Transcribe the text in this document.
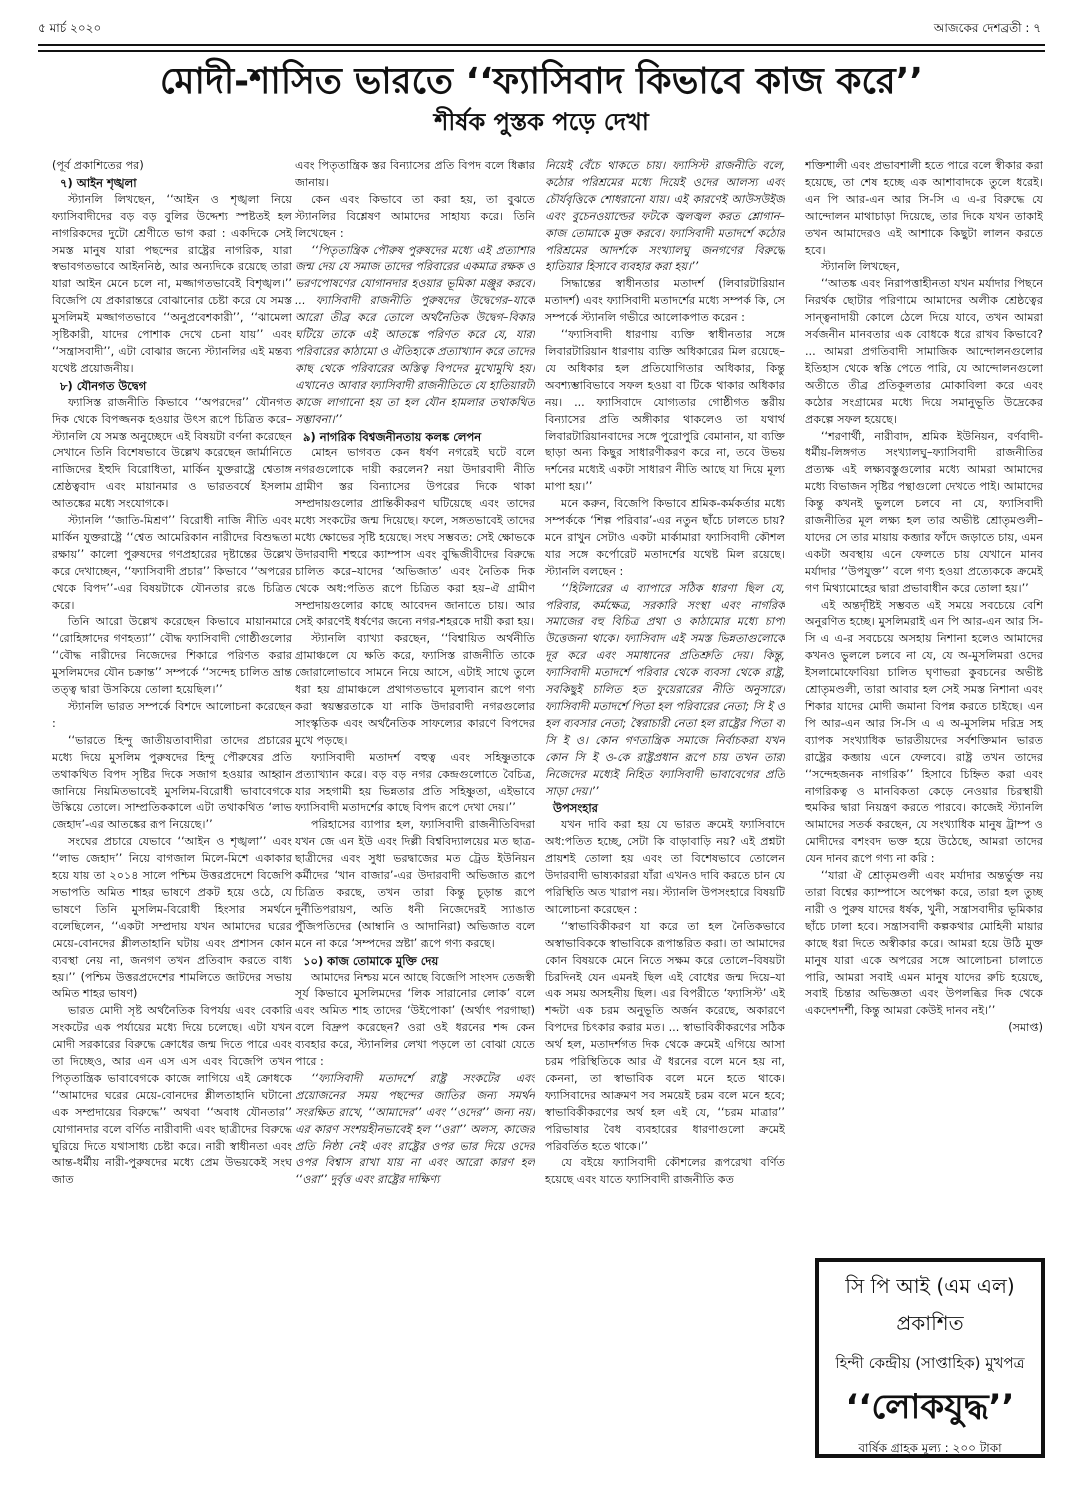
৫ মার্চ ২০২০	আজকের দেশব্রতী : ৭
মোদী-শাসিত ভারতে ‘‘ফ্যাসিবাদ কিভাবে কাজ করে’’
শীর্ষক পুস্তক পড়ে দেখা

(পূর্ব প্রকাশিতের পর)

৭) আইন শৃঙ্খলা

স্ট্যানলি লিখছেন, ‘‘আইন ও শৃঙ্খলা নিয়ে ফ্যাসিবাদীদের বড় বড় বুলির উদ্দেশ্য স্পষ্টতই হল নাগরিকদের দুটো শ্রেণীতে ভাগ করা : একদিকে সেই সমস্ত মানুষ যারা পছন্দের রাষ্ট্রের নাগরিক, যারা স্বভাবগতভাবে আইননিষ্ঠ, আর অন্যদিকে রয়েছে তারা যারা আইন মেনে চলে না, মজ্জাগতভাবেই বিশৃঙ্খল।’’ বিজেপি যে প্রকারান্তরে বোঝানোর চেষ্টা করে যে সমস্ত মুসলিমই মজ্জাগতভাবে ‘‘অনুপ্রবেশকারী’’, ‘‘ঝামেলা সৃষ্টিকারী, যাদের পোশাক দেখে চেনা যায়’’ এবং ‘‘সন্ত্রাসবাদী’’, এটা বোঝার জন্যে স্ট্যানলির এই মন্তব্য যথেষ্ট প্রয়োজনীয়।

৮) যৌনগত উদ্বেগ

ফ্যাসিস্ত রাজনীতি কিভাবে ‘‘অপরদের’’ যৌনগত দিক থেকে বিপজ্জনক হওয়ার উৎস রূপে চিত্রিত করে–স্ট্যানলি যে সমস্ত অনুচ্ছেদে এই বিষয়টা বর্ণনা করেছেন সেখানে তিনি বিশেষভাবে উল্লেখ করেছেন জার্মানিতে নাজিদের ইহুদি বিরোধিতা, মার্কিন যুক্তরাষ্ট্রে শ্বেতাঙ্গ শ্রেষ্ঠত্ববাদ এবং মায়ানমার ও ভারতবর্ষে ইসলাম আতঙ্কের মধ্যে সংযোগকে।

স্ট্যানলি ‘‘জাতি-মিশ্রণ’’ বিরোধী নাজি নীতি এবং মার্কিন যুক্তরাষ্ট্রে ‘‘শ্বেত আমেরিকান নারীদের বিশুদ্ধতা রক্ষায়’’ কালো পুরুষদের গণপ্রহারের দৃষ্টান্তের উল্লেখ করে দেখাচ্ছেন, ‘‘ফ্যাসিবাদী প্রচার’’ কিভাবে ‘‘অপরের থেকে বিপদ’’-এর বিষয়টাকে যৌনতার রঙে চিত্রিত করে।

তিনি আরো উল্লেখ করেছেন কিভাবে মায়ানমারে ‘‘রোহিঙ্গাদের গণহত্যা’’ বৌদ্ধ ফ্যাসিবাদী গোষ্ঠীগুলোর ‘‘বৌদ্ধ নারীদের নিজেদের শিকারে পরিণত করার মুসলিমদের যৌন চক্রান্ত’’ সম্পর্কে ‘‘সন্দেহ চালিত ভ্রান্ত তত্ত্ব দ্বারা উসকিয়ে তোলা হয়েছিল।’’

স্ট্যানলি ভারত সম্পর্কে বিশদে আলোচনা করেছেন :

‘‘ভারতে হিন্দু জাতীয়তাবাদীরা তাদের প্রচারের মধ্যে দিয়ে মুসলিম পুরুষদের হিন্দু পৌরুষের প্রতি তথাকথিত বিপদ সৃষ্টির দিকে সজাগ হওয়ার আহ্বান জানিয়ে নিয়মিতভাবেই মুসলিম-বিরোধী ভাবাবেগকে উস্কিয়ে তোলে। সাম্প্রতিককালে এটা তথাকথিত ‘লাভ জেহাদ’-এর আতঙ্কের রূপ নিয়েছে।’’

সংঘের প্রচারে যেভাবে ‘‘আইন ও শৃঙ্খলা’’ এবং ‘‘লাভ জেহাদ’’ নিয়ে বাগজাল মিলে-মিশে একাকার হয়ে যায় তা ২০১৪ সালে পশ্চিম উত্তরপ্রদেশে বিজেপি সভাপতি অমিত শাহর ভাষণে প্রকট হয়ে ওঠে, যে ভাষণে তিনি মুসলিম-বিরোধী হিংসার সমর্থনে বলেছিলেন, ‘‘একটা সম্প্রদায় যখন আমাদের ঘরের মেয়ে-বোনদের শ্লীলতাহানি ঘটায় এবং প্রশাসন কোন ব্যবস্থা নেয় না, জনগণ তখন প্রতিবাদ করতে বাধ্য হয়।’’ (পশ্চিম উত্তরপ্রদেশের শামলিতে জাটদের সভায় অমিত শাহর ভাষণ)

ভারত মোদী সৃষ্ট অর্থনৈতিক বিপর্যয় এবং বেকারি সংকটের এক পর্যায়ের মধ্যে দিয়ে চলেছে। এটা যখন মোদী সরকারের বিরুদ্ধে ক্রোধের জন্ম দিতে পারে এবং তা দিচ্ছেও, আর এন এস এস এবং বিজেপি তখন পিতৃতান্ত্রিক ভাবাবেগকে কাজে লাগিয়ে এই ক্রোধকে ‘‘আমাদের ঘরের মেয়ে-বোনদের শ্লীলতাহানি ঘটানো এক সম্প্রদায়ের বিরুদ্ধে’’ অথবা ‘‘অবাধ যৌনতার’’ যোগানদার বলে বর্ণিত নারীবাদী এবং ছাত্রীদের বিরুদ্ধে ঘুরিয়ে দিতে যথাসাধ্য চেষ্টা করে। নারী স্বাধীনতা এবং আন্ত-ধর্মীয় নারী-পুরুষদের মধ্যে প্রেম উভয়কেই সংঘ জাত

এবং পিতৃতান্ত্রিক স্তর বিন্যাসের প্রতি বিপদ বলে ধিক্কার জানায়।

কেন এবং কিভাবে তা করা হয়, তা বুঝতে স্ট্যানলির বিশ্লেষণ আমাদের সাহায্য করে। তিনি লিখেছেন :

‘‘পিতৃতান্ত্রিক পৌরুষ পুরুষদের মধ্যে এই প্রত্যাশার জন্ম দেয় যে সমাজ তাদের পরিবারের একমাত্র রক্ষক ও ভরণপোষণের যোগানদার হওয়ার ভূমিকা মঞ্জুর করবে। ... ফ্যাসিবাদী রাজনীতি পুরুষদের উদ্বেগের–যাকে আরো তীব্র করে তোলে অর্থনৈতিক উদ্বেগ–বিকার ঘটিয়ে তাকে এই আতঙ্কে পরিণত করে যে, যারা পরিবারের কাঠামো ও ঐতিহ্যকে প্রত্যাখ্যান করে তাদের কাছ থেকে পরিবারের অস্তিত্ব বিপদের মুখোমুখি হয়। এখানেও আবার ফ্যাসিবাদী রাজনীতিতে যে হাতিয়ারটা কাজে লাগানো হয় তা হল যৌন হামলার তথাকথিত সম্ভাবনা।’’

৯) নাগরিক বিশ্বজনীনতায় কলঙ্ক লেপন

মোহন ভাগবত কেন ধর্ষণ নগরেই ঘটে বলে নগরগুলোকে দায়ী করলেন? নয়া উদারবাদী নীতি গ্রামীণ স্তর বিন্যাসের উপরের দিকে থাকা সম্প্রদায়গুলোর প্রান্তিকীকরণ ঘটিয়েছে এবং তাদের মধ্যে সংকটের জন্ম দিয়েছে। ফলে, সঙ্গতভাবেই তাদের মধ্যে ক্ষোভের সৃষ্টি হয়েছে। সংঘ সম্ভবত: সেই ক্ষোভকে উদারবাদী শহুরে ক্যাম্পাস এবং বুদ্ধিজীবীদের বিরুদ্ধে চালিত করে–যাদের ‘অভিজাত’ এবং নৈতিক দিক থেকে অধ:পতিত রূপে চিত্রিত করা হয়–ঐ গ্রামীণ সম্প্রদায়গুলোর কাছে আবেদন জানাতে চায়। আর সেই কারণেই ধর্ষণের জন্যে নগর-শহরকে দায়ী করা হয়।

স্ট্যানলি ব্যাখ্যা করছেন, ‘‘বিশ্বায়িত অর্থনীতি গ্রামাঞ্চলে যে ক্ষতি করে, ফ্যাসিস্ত রাজনীতি তাকে জোরালোভাবে সামনে নিয়ে আসে, এটাই সাথে তুলে ধরা হয় গ্রামাঞ্চলে প্রথাগতভাবে মূল্যবান রূপে গণ্য করা স্বয়ম্ভরতাকে যা নাকি উদারবাদী নগরগুলোর সাংস্কৃতিক এবং অর্থনৈতিক সাফল্যের কারণে বিপদের মুখে পড়ছে।

ফ্যাসিবাদী মতাদর্শ বহুত্ব এবং সহিষ্ণুতাকে প্রত্যাখ্যান করে। বড় বড় নগর কেন্দ্রগুলোতে বৈচিত্র, যার সহগামী হয় ভিন্নতার প্রতি সহিষ্ণুতা, এইভাবে ফ্যাসিবাদী মতাদর্শের কাছে বিপদ রূপে দেখা দেয়।’’

পরিহাসের ব্যাপার হল, ফ্যাসিবাদী রাজনীতিবিদরা যখন জে এন ইউ এবং দিল্লী বিশ্ববিদ্যালয়ের মত ছাত্র-ছাত্রীদের এবং সুধা ভরদ্বাজের মত ট্রেড ইউনিয়ন কর্মীদের ‘খান বাজার’-এর উদারবাদী অভিজাত রূপে চিত্রিত করছে, তখন তারা কিন্তু চূড়ান্ত রূপে দুর্নীতিপরায়ণ, অতি ধনী নিজেদেরই স্যাঙাত পুঁজিপতিদের (আম্বানি ও আদানিরা) অভিজাত বলে মনে না করে ‘সম্পদের স্রষ্টা’ রূপে গণ্য করছে।

১০) কাজ তোমাকে মুক্তি দেয়

আমাদের নিশ্চয় মনে আছে বিজেপি সাংসদ তেজস্বী সূর্য কিভাবে মুসলিমদের ‘লিক সারানোর লোক’ বলে এবং অমিত শাহ তাদের ‘উইপোকা’ (অর্থাৎ পরগাছা) বলে বিদ্রুপ করেছেন? ওরা ওই ধরনের শব্দ কেন ব্যবহার করে, স্ট্যানলির লেখা পড়লে তা বোঝা যেতে পারে :

‘‘ফ্যাসিবাদী মতাদর্শে রাষ্ট্র সংকটের এবং প্রয়োজনের সময় পছন্দের জাতির জন্য সমর্থন সংরক্ষিত রাখে, ‘‘আমাদের’’ এবং ‘‘ওদের’’ জন্য নয়। এর কারণ সংশয়হীনভাবেই হল ‘‘ওরা’’ অলস, কাজের প্রতি নিষ্ঠা নেই এবং রাষ্ট্রের ওপর ভার দিয়ে ওদের ওপর বিশ্বাস রাখা যায় না এবং আরো কারণ হল ‘‘ওরা’’ দুর্বৃত্ত এবং রাষ্ট্রের দাক্ষিণ্য

নিয়েই বেঁচে থাকতে চায়। ফ্যাসিস্ট রাজনীতি বলে, কঠোর পরিশ্রমের মধ্যে দিয়েই ওদের আলস্য এবং চৌর্যবৃত্তিকে শোধরানো যায়। এই কারণেই আউসউইজ এবং বুচেনওয়াল্ডের ফটকে জ্বলজ্বল করত শ্লোগান–কাজ তোমাকে মুক্ত করবে। ফ্যাসিবাদী মতাদর্শে কঠোর পরিশ্রমের আদর্শকে সংখ্যালঘু জনগণের বিরুদ্ধে হাতিয়ার হিসাবে ব্যবহার করা হয়।’’

সিদ্ধান্তের স্বাধীনতার মতাদর্শ (লিবারটারিয়ান মতাদর্শ) এবং ফ্যাসিবাদী মতাদর্শের মধ্যে সম্পর্ক কি, সে সম্পর্কে স্ট্যানলি গভীরে আলোকপাত করেন :

‘‘ফ্যাসিবাদী ধারণায় ব্যক্তি স্বাধীনতার সঙ্গে লিবারটারিয়ান ধারণায় ব্যক্তি অধিকারের মিল রয়েছে–যে অধিকার হল প্রতিযোগিতার অধিকার, কিন্তু অবশ্যম্ভাবিভাবে সফল হওয়া বা টিকে থাকার অধিকার নয়। ... ফ্যাসিবাদে যোগ্যতার গোষ্ঠীগত স্তরীয় বিন্যাসের প্রতি অঙ্গীকার থাকলেও তা যথার্থ লিবারটারিয়ানবাদের সঙ্গে পুরোপুরি বেমানান, যা ব্যক্তি ছাড়া অন্য কিছুর সাধারণীকরণ করে না, তবে উভয় দর্শনের মধ্যেই একটা সাধারণ নীতি আছে যা দিয়ে মূল্য মাপা হয়।’’

মনে করুন, বিজেপি কিভাবে শ্রমিক-কর্মকর্তার মধ্যে সম্পর্ককে ‘শিল্প পরিবার’-এর নতুন ছাঁচে ঢালতে চায়? মনে রাখুন সেটাও একটা মার্কামারা ফ্যাসিবাদী কৌশল যার সঙ্গে কর্পোরেট মতাদর্শের যথেষ্ট মিল রয়েছে। স্ট্যানলি বলছেন :

‘‘হিটলারের এ ব্যাপারে সঠিক ধারণা ছিল যে, পরিবার, কর্মক্ষেত্র, সরকারি সংস্থা এবং নাগরিক সমাজের বহু বিচিত্র প্রথা ও কাঠামোর মধ্যে চাপা উত্তেজনা থাকে। ফ্যাসিবাদ এই সমস্ত ভিন্নতাগুলোকে দূর করে এবং সমাধানের প্রতিশ্রুতি দেয়। কিন্তু, ফ্যাসিবাদী মতাদর্শে পরিবার থেকে ব্যবসা থেকে রাষ্ট্র, সবকিছুই চালিত হত ফুয়েরারের নীতি অনুসারে। ফ্যাসিবাদী মতাদর্শে পিতা হল পরিবারের নেতা; সি ই ও হল ব্যবসার নেতা; স্বৈরাচারী নেতা হল রাষ্ট্রের পিতা বা সি ই ও। কোন গণতান্ত্রিক সমাজে নির্বাচকরা যখন কোন সি ই ও-কে রাষ্ট্রপ্রধান রূপে চায় তখন তারা নিজেদের মধ্যেই নিহিত ফ্যাসিবাদী ভাবাবেগের প্রতি সাড়া দেয়।’’

উপসংহার

যখন দাবি করা হয় যে ভারত ক্রমেই ফ্যাসিবাদে অধ:পতিত হচ্ছে, সেটা কি বাড়াবাড়ি নয়? এই প্রশ্নটা প্রায়শই তোলা হয় এবং তা বিশেষভাবে তোলেন উদারবাদী ভাষ্যকাররা যাঁরা এখনও দাবি করতে চান যে পরিস্থিতি অত খারাপ নয়। স্ট্যানলি উপসংহারে বিষয়টি আলোচনা করেছেন :

‘‘স্বাভাবিকীকরণ যা করে তা হল নৈতিকভাবে অস্বাভাবিককে স্বাভাবিকে রূপান্তরিত করা। তা আমাদের কোন বিষয়কে মেনে নিতে সক্ষম করে তোলে–বিষয়টা চিরদিনই যেন এমনই ছিল এই বোধের জন্ম দিয়ে–যা এক সময় অসহনীয় ছিল। এর বিপরীতে ‘ফ্যাসিস্ট’ এই শব্দটা এক চরম অনুভূতি অর্জন করেছে, অকারণে বিপদের চিৎকার করার মত। ... স্বাভাবিকীকরণের সঠিক অর্থ হল, মতাদর্শগত দিক থেকে ক্রমেই এগিয়ে আসা চরম পরিস্থিতিকে আর ঐ ধরনের বলে মনে হয় না, কেননা, তা স্বাভাবিক বলে মনে হতে থাকে। ফ্যাসিবাদের আক্রমণ সব সময়েই চরম বলে মনে হবে; স্বাভাবিকীকরণের অর্থ হল এই যে, ‘‘চরম মাত্রার’’ পরিভাষার বৈধ ব্যবহারের ধারণাগুলো ক্রমেই পরিবর্তিত হতে থাকে।’’

যে বইয়ে ফ্যাসিবাদী কৌশলের রূপরেখা বর্ণিত হয়েছে এবং যাতে ফ্যাসিবাদী রাজনীতি কত

শক্তিশালী এবং প্রভাবশালী হতে পারে বলে স্বীকার করা হয়েছে, তা শেষ হচ্ছে এক আশাবাদকে তুলে ধরেই। এন পি আর-এন আর সি-সি এ এ-র বিরুদ্ধে যে আন্দোলন মাথাচাড়া দিয়েছে, তার দিকে যখন তাকাই তখন আমাদেরও এই আশাকে কিছুটা লালন করতে হবে।

স্ট্যানলি লিখছেন,

‘‘আতঙ্ক এবং নিরাপত্তাহীনতা যখন মর্যাদার পিছনে নিরর্থক ছোটার পরিণামে আমাদের অলীক শ্রেষ্ঠত্বের সান্ত্বনাদায়ী কোলে ঠেলে দিয়ে যাবে, তখন আমরা সর্বজনীন মানবতার এক বোধকে ধরে রাখব কিভাবে? ... আমরা প্রগতিবাদী সামাজিক আন্দোলনগুলোর ইতিহাস থেকে স্বস্তি পেতে পারি, যে আন্দোলনগুলো অতীতে তীব্র প্রতিকূলতার মোকাবিলা করে এবং কঠোর সংগ্রামের মধ্যে দিয়ে সমানুভূতি উদ্রেকের প্রকল্পে সফল হয়েছে।

‘‘শরণার্থী, নারীবাদ, শ্রমিক ইউনিয়ন, বর্ণবাদী-ধর্মীয়-লিঙ্গগত সংখ্যালঘু–ফ্যাসিবাদী রাজনীতির প্রত্যক্ষ এই লক্ষ্যবস্তুগুলোর মধ্যে আমরা আমাদের মধ্যে বিভাজন সৃষ্টির পন্থাগুলো দেখতে পাই। আমাদের কিন্তু কখনই ভুললে চলবে না যে, ফ্যাসিবাদী রাজনীতির মূল লক্ষ্য হল তার অভীষ্ট শ্রোতৃমণ্ডলী–যাদের সে তার মায়ায় কব্জার ফাঁদে জড়াতে চায়, এমন একটা অবস্থায় এনে ফেলতে চায় যেখানে মানব মর্যাদার ‘‘উপযুক্ত’’ বলে গণ্য হওয়া প্রত্যেককে ক্রমেই গণ মিথ্যামোহের দ্বারা প্রভাবাধীন করে তোলা হয়।’’

এই অন্তর্দৃষ্টিই সম্ভবত এই সময়ে সবচেয়ে বেশি অনুরণিত হচ্ছে। মুসলিমরাই এন পি আর-এন আর সি-সি এ এ-র সবচেয়ে অসহায় নিশানা হলেও আমাদের কখনও ভুললে চলবে না যে, যে অ-মুসলিমরা ওদের ইসলামোফোবিয়া চালিত ঘৃণাভরা কুবচনের অভীষ্ট শ্রোতৃমণ্ডলী, তারা আবার হল সেই সমস্ত নিশানা এবং শিকার যাদের মোদী জমানা বিপন্ন করতে চাইছে। এন পি আর-এন আর সি-সি এ এ অ-মুসলিম দরিদ্র সহ ব্যাপক সংখ্যাধিক ভারতীয়দের সর্বশক্তিমান ভারত রাষ্ট্রের কব্জায় এনে ফেলবে। রাষ্ট্র তখন তাদের ‘‘সন্দেহজনক নাগরিক’’ হিসাবে চিহ্নিত করা এবং নাগরিকত্ব ও মানবিকতা কেড়ে নেওয়ার চিরস্থায়ী হুমকির দ্বারা নিয়ন্ত্রণ করতে পারবে। কাজেই স্ট্যানলি আমাদের সতর্ক করছেন, যে সংখ্যাধিক মানুষ ট্রাম্প ও মোদীদের বশংবদ ভক্ত হয়ে উঠেছে, আমরা তাদের যেন দানব রূপে গণ্য না করি :

‘‘যারা ঐ শ্রোতৃমণ্ডলী এবং মর্যাদার অন্তর্ভুক্ত নয় তারা বিশ্বের ক্যাম্পাসে অপেক্ষা করে, তারা হল তুচ্ছ নারী ও পুরুষ যাদের ধর্ষক, খুনী, সন্ত্রাসবাদীর ভূমিকার ছাঁচে ঢালা হবে। সন্ত্রাসবাদী কল্পকথার মোহিনী মায়ার কাছে ধরা দিতে অস্বীকার করে। আমরা হয়ে উঠি মুক্ত মানুষ যারা একে অপরের সঙ্গে আলোচনা চালাতে পারি, আমরা সবাই এমন মানুষ যাদের রুচি হয়েছে, সবাই চিন্তার অভিজ্ঞতা এবং উপলব্ধির দিক থেকে একদেশদর্শী, কিন্তু আমরা কেউই দানব নই।’’

(সমাপ্ত)

সি পি আই (এম এল)
প্রকাশিত
হিন্দী কেন্দ্রীয় (সাপ্তাহিক) মুখপত্র
‘‘লোকযুদ্ধ’’
বার্ষিক গ্রাহক মূল্য : ২০০ টাকা
